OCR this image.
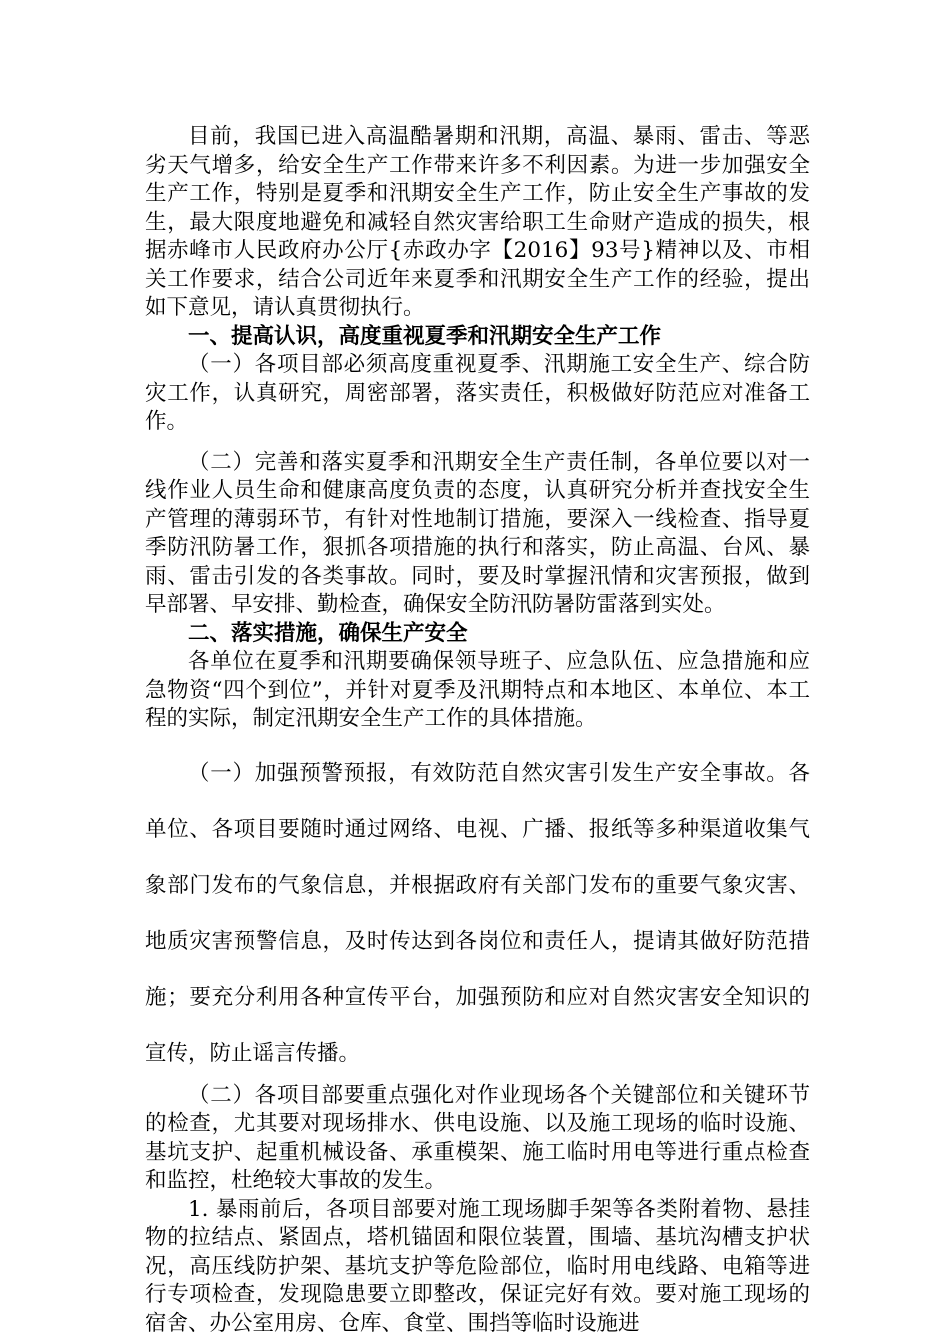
目前，我国已进入高温酷暑期和汛期，高温、暴雨、雷击、等恶劣天气增多，给安全生产工作带来许多不利因素。为进一步加强安全生产工作，特别是夏季和汛期安全生产工作，防止安全生产事故的发生，最大限度地避免和减轻自然灾害给职工生命财产造成的损失，根据赤峰市人民政府办公厅{赤政办字【2016】93号}精神以及、市相关工作要求，结合公司近年来夏季和汛期安全生产工作的经验，提出如下意见，请认真贯彻执行。

一、提高认识，高度重视夏季和汛期安全生产工作

（一）各项目部必须高度重视夏季、汛期施工安全生产、综合防灾工作，认真研究，周密部署，落实责任，积极做好防范应对准备工作。

（二）完善和落实夏季和汛期安全生产责任制，各单位要以对一线作业人员生命和健康高度负责的态度，认真研究分析并查找安全生产管理的薄弱环节，有针对性地制订措施，要深入一线检查、指导夏季防汛防暑工作，狠抓各项措施的执行和落实，防止高温、台风、暴雨、雷击引发的各类事故。同时，要及时掌握汛情和灾害预报，做到早部署、早安排、勤检查，确保安全防汛防暑防雷落到实处。

二、落实措施，确保生产安全

各单位在夏季和汛期要确保领导班子、应急队伍、应急措施和应急物资“四个到位”，并针对夏季及汛期特点和本地区、本单位、本工程的实际，制定汛期安全生产工作的具体措施。

（一）加强预警预报，有效防范自然灾害引发生产安全事故。各单位、各项目要随时通过网络、电视、广播、报纸等多种渠道收集气象部门发布的气象信息，并根据政府有关部门发布的重要气象灾害、地质灾害预警信息，及时传达到各岗位和责任人，提请其做好防范措施；要充分利用各种宣传平台，加强预防和应对自然灾害安全知识的宣传，防止谣言传播。

（二）各项目部要重点强化对作业现场各个关键部位和关键环节的检查，尤其要对现场排水、供电设施、以及施工现场的临时设施、基坑支护、起重机械设备、承重模架、施工临时用电等进行重点检查和监控，杜绝较大事故的发生。

1. 暴雨前后，各项目部要对施工现场脚手架等各类附着物、悬挂物的拉结点、紧固点，塔机锚固和限位装置，围墙、基坑沟槽支护状况，高压线防护架、基坑支护等危险部位，临时用电线路、电箱等进行专项检查，发现隐患要立即整改，保证完好有效。要对施工现场的宿舍、办公室用房、仓库、食堂、围挡等临时设施进
